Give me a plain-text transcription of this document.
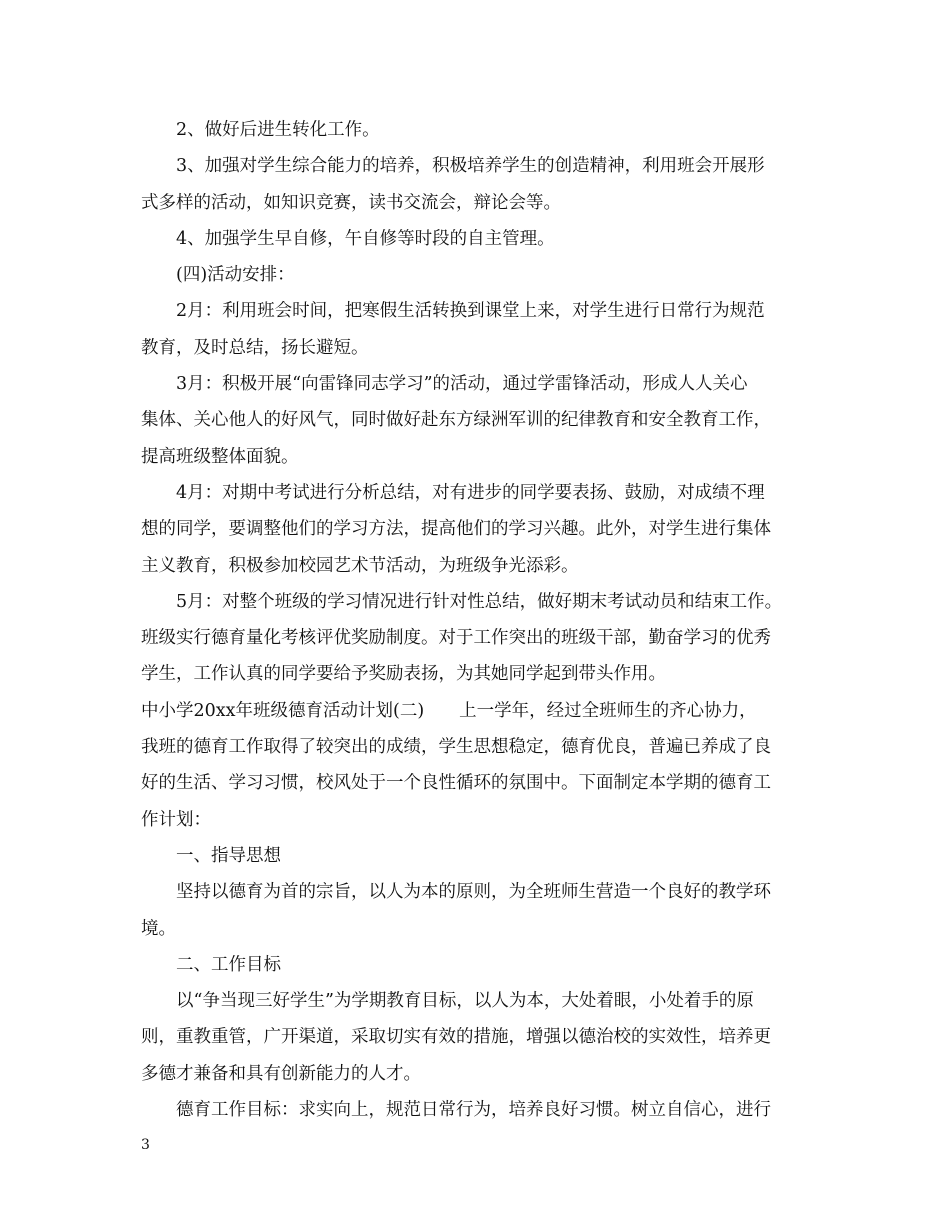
2、做好后进生转化工作。
3、加强对学生综合能力的培养，积极培养学生的创造精神，利用班会开展形
式多样的活动，如知识竞赛，读书交流会，辩论会等。
4、加强学生早自修，午自修等时段的自主管理。
(四)活动安排：
2月：利用班会时间，把寒假生活转换到课堂上来，对学生进行日常行为规范
教育，及时总结，扬长避短。
3月：积极开展“向雷锋同志学习”的活动，通过学雷锋活动，形成人人关心
集体、关心他人的好风气，同时做好赴东方绿洲军训的纪律教育和安全教育工作，
提高班级整体面貌。
4月：对期中考试进行分析总结，对有进步的同学要表扬、鼓励，对成绩不理
想的同学，要调整他们的学习方法，提高他们的学习兴趣。此外，对学生进行集体
主义教育，积极参加校园艺术节活动，为班级争光添彩。
5月：对整个班级的学习情况进行针对性总结，做好期末考试动员和结束工作。
班级实行德育量化考核评优奖励制度。对于工作突出的班级干部，勤奋学习的优秀
学生，工作认真的同学要给予奖励表扬，为其她同学起到带头作用。
中小学20xx年班级德育活动计划(二)　　上一学年，经过全班师生的齐心协力，
我班的德育工作取得了较突出的成绩，学生思想稳定，德育优良，普遍已养成了良
好的生活、学习习惯，校风处于一个良性循环的氛围中。下面制定本学期的德育工
作计划：
一、指导思想
坚持以德育为首的宗旨，以人为本的原则，为全班师生营造一个良好的教学环
境。
二、工作目标
以“争当现三好学生”为学期教育目标，以人为本，大处着眼，小处着手的原
则，重教重管，广开渠道，采取切实有效的措施，增强以德治校的实效性，培养更
多德才兼备和具有创新能力的人才。
德育工作目标：求实向上，规范日常行为，培养良好习惯。树立自信心，进行
3
